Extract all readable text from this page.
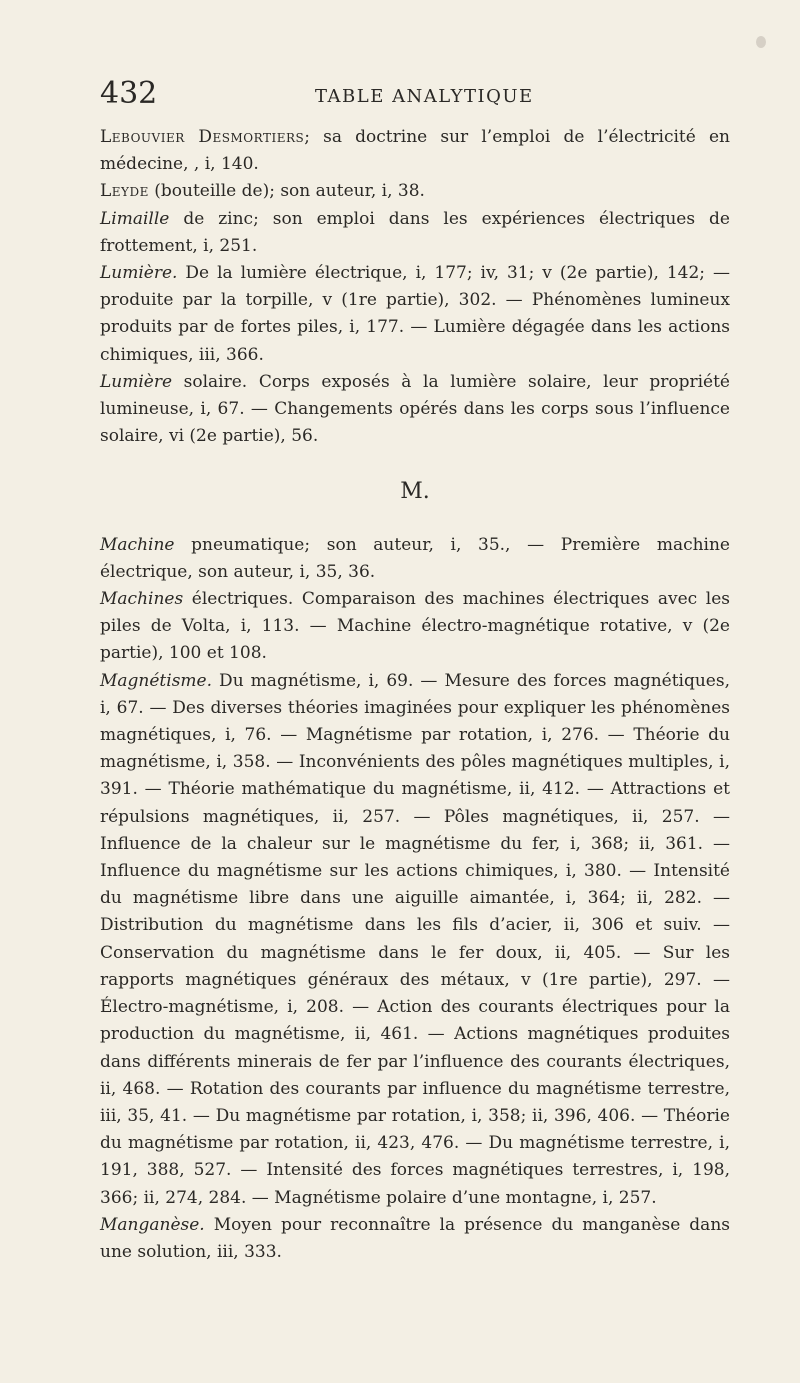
432	TABLE ANALYTIQUE

Lebouvier Desmortiers; sa doctrine sur l’emploi de l’électricité en médecine, , i, 140.

Leyde (bouteille de); son auteur, i, 38.

Limaille de zinc; son emploi dans les expériences électriques de frottement, i, 251.

Lumière. De la lumière électrique, i, 177; iv, 31; v (2e partie), 142; — produite par la torpille, v (1re partie), 302. — Phénomènes lumineux produits par de fortes piles, i, 177. — Lumière dégagée dans les actions chimiques, iii, 366.

Lumière solaire. Corps exposés à la lumière solaire, leur propriété lumineuse, i, 67. — Changements opérés dans les corps sous l’influence solaire, vi (2e partie), 56.

M.

Machine pneumatique; son auteur, i, 35., — Première machine électrique, son auteur, i, 35, 36.

Machines électriques. Comparaison des machines électriques avec les piles de Volta, i, 113. — Machine électro-magnétique rotative, v (2e partie), 100 et 108.

Magnétisme. Du magnétisme, i, 69. — Mesure des forces magnétiques, i, 67. — Des diverses théories imaginées pour expliquer les phénomènes magnétiques, i, 76. — Magnétisme par rotation, i, 276. — Théorie du magnétisme, i, 358. — Inconvénients des pôles magnétiques multiples, i, 391. — Théorie mathématique du magnétisme, ii, 412. — Attractions et répulsions magnétiques, ii, 257. — Pôles magnétiques, ii, 257. — Influence de la chaleur sur le magnétisme du fer, i, 368; ii, 361. — Influence du magnétisme sur les actions chimiques, i, 380. — Intensité du magnétisme libre dans une aiguille aimantée, i, 364; ii, 282. — Distribution du magnétisme dans les fils d’acier, ii, 306 et suiv. — Conservation du magnétisme dans le fer doux, ii, 405. — Sur les rapports magnétiques généraux des métaux, v (1re partie), 297. — Électro-magnétisme, i, 208. — Action des courants électriques pour la production du magnétisme, ii, 461. — Actions magnétiques produites dans différents minerais de fer par l’influence des courants électriques, ii, 468. — Rotation des courants par influence du magnétisme terrestre, iii, 35, 41. — Du magnétisme par rotation, i, 358; ii, 396, 406. — Théorie du magnétisme par rotation, ii, 423, 476. — Du magnétisme terrestre, i, 191, 388, 527. — Intensité des forces magnétiques terrestres, i, 198, 366; ii, 274, 284. — Magnétisme polaire d’une montagne, i, 257.

Manganèse. Moyen pour reconnaître la présence du manganèse dans une solution, iii, 333.
